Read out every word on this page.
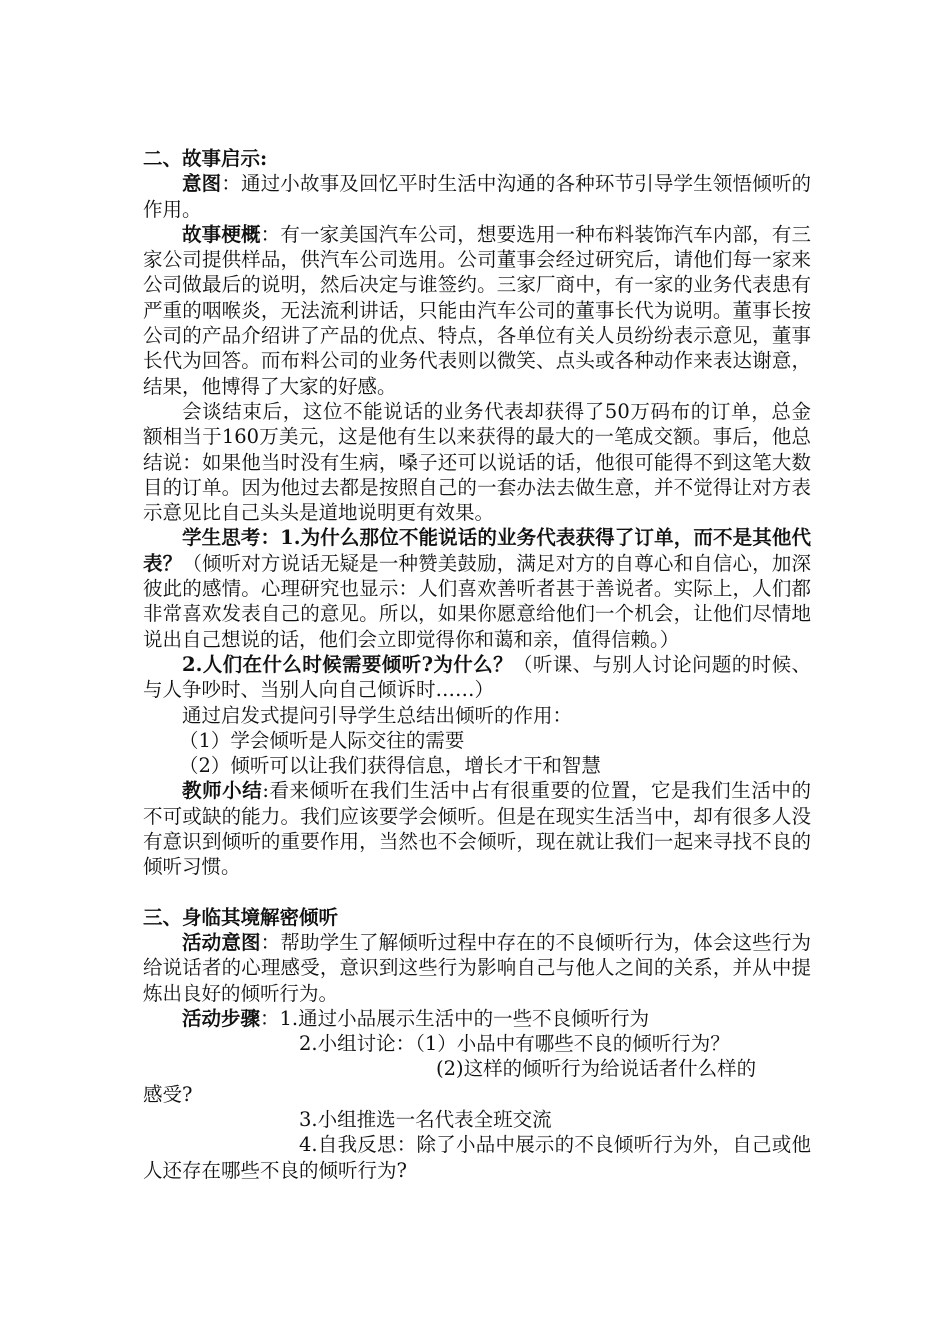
二、故事启示:

意图：通过小故事及回忆平时生活中沟通的各种环节引导学生领悟倾听的作用。

故事梗概：有一家美国汽车公司，想要选用一种布料装饰汽车内部，有三家公司提供样品，供汽车公司选用。公司董事会经过研究后，请他们每一家来公司做最后的说明，然后决定与谁签约。三家厂商中，有一家的业务代表患有严重的咽喉炎，无法流利讲话，只能由汽车公司的董事长代为说明。董事长按公司的产品介绍讲了产品的优点、特点，各单位有关人员纷纷表示意见，董事长代为回答。而布料公司的业务代表则以微笑、点头或各种动作来表达谢意，结果，他博得了大家的好感。

会谈结束后，这位不能说话的业务代表却获得了50万码布的订单，总金额相当于160万美元，这是他有生以来获得的最大的一笔成交额。事后，他总结说：如果他当时没有生病，嗓子还可以说话的话，他很可能得不到这笔大数目的订单。因为他过去都是按照自己的一套办法去做生意，并不觉得让对方表示意见比自己头头是道地说明更有效果。

学生思考：1.为什么那位不能说话的业务代表获得了订单，而不是其他代表？（倾听对方说话无疑是一种赞美鼓励，满足对方的自尊心和自信心，加深彼此的感情。心理研究也显示：人们喜欢善听者甚于善说者。实际上，人们都非常喜欢发表自己的意见。所以，如果你愿意给他们一个机会，让他们尽情地说出自己想说的话，他们会立即觉得你和蔼和亲，值得信赖。）

2.人们在什么时候需要倾听?为什么？（听课、与别人讨论问题的时候、与人争吵时、当别人向自己倾诉时……）

通过启发式提问引导学生总结出倾听的作用：

（1）学会倾听是人际交往的需要

（2）倾听可以让我们获得信息，增长才干和智慧

教师小结:看来倾听在我们生活中占有很重要的位置，它是我们生活中的不可或缺的能力。我们应该要学会倾听。但是在现实生活当中，却有很多人没有意识到倾听的重要作用，当然也不会倾听，现在就让我们一起来寻找不良的倾听习惯。

三、身临其境解密倾听

活动意图：帮助学生了解倾听过程中存在的不良倾听行为，体会这些行为给说话者的心理感受，意识到这些行为影响自己与他人之间的关系，并从中提炼出良好的倾听行为。

活动步骤：1.通过小品展示生活中的一些不良倾听行为

2.小组讨论：（1）小品中有哪些不良的倾听行为？

(2)这样的倾听行为给说话者什么样的

感受?

3.小组推选一名代表全班交流

4.自我反思：除了小品中展示的不良倾听行为外，自己或他人还存在哪些不良的倾听行为?
